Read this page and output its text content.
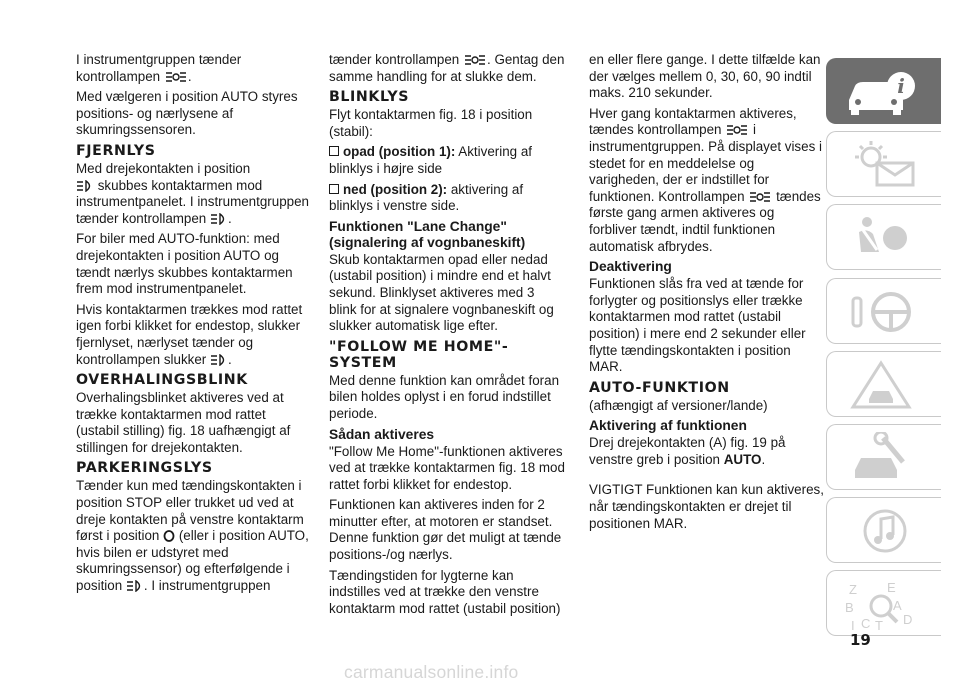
I instrumentgruppen tænder kontrollampen .

Med vælgeren i position AUTO styres positions- og nærlysene af skumringssensoren.

FJERNLYS

Med drejekontakten i position

skubbes kontaktarmen mod instrumentpanelet. I instrumentgruppen tænder kontrollampen .

For biler med AUTO-funktion: med drejekontakten i position AUTO og tændt nærlys skubbes kontaktarmen frem mod instrumentpanelet.

Hvis kontaktarmen trækkes mod rattet igen forbi klikket for endestop, slukker fjernlyset, nærlyset tænder og kontrollampen slukker .

OVERHALINGSBLINK

Overhalingsblinket aktiveres ved at trække kontaktarmen mod rattet (ustabil stilling) fig. 18 uafhængigt af stillingen for drejekontakten.

PARKERINGSLYS

Tænder kun med tændingskontakten i position STOP eller trukket ud ved at dreje kontakten på venstre kontaktarm først i position (eller i position AUTO, hvis bilen er udstyret med skumringssensor) og efterfølgende i position . I instrumentgruppen

tænder kontrollampen . Gentag den samme handling for at slukke dem.

BLINKLYS

Flyt kontaktarmen fig. 18 i position (stabil):

opad (position 1): Aktivering af blinklys i højre side

ned (position 2): aktivering af blinklys i venstre side.

Funktionen "Lane Change" (signalering af vognbaneskift)

Skub kontaktarmen opad eller nedad (ustabil position) i mindre end et halvt sekund. Blinklyset aktiveres med 3 blink for at signalere vognbaneskift og slukker automatisk lige efter.

"FOLLOW ME HOME"-SYSTEM

Med denne funktion kan området foran bilen holdes oplyst i en forud indstillet periode.

Sådan aktiveres

"Follow Me Home"-funktionen aktiveres ved at trække kontaktarmen fig. 18 mod rattet forbi klikket for endestop.

Funktionen kan aktiveres inden for 2 minutter efter, at motoren er standset. Denne funktion gør det muligt at tænde positions-/og nærlys.

Tændingstiden for lygterne kan indstilles ved at trække den venstre kontaktarm mod rattet (ustabil position)

en eller flere gange. I dette tilfælde kan der vælges mellem 0, 30, 60, 90 indtil maks. 210 sekunder.

Hver gang kontaktarmen aktiveres, tændes kontrollampen
i instrumentgruppen. På displayet vises i stedet for en meddelelse og varigheden, der er indstillet for funktionen. Kontrollampen tændes første gang armen aktiveres og forbliver tændt, indtil funktionen automatisk afbrydes.

Deaktivering

Funktionen slås fra ved at tænde for forlygter og positionslys eller trække kontaktarmen mod rattet (ustabil position) i mere end 2 sekunder eller flytte tændingskontakten i position MAR.

AUTO-FUNKTION

(afhængigt af versioner/lande)

Aktivering af funktionen

Drej drejekontakten (A) fig. 19 på venstre greb i position AUTO.

VIGTIGT Funktionen kan kun aktiveres, når tændingskontakten er drejet til positionen MAR.

i
Z E
B	A
C T D
I
19
carmanualsonline.info
